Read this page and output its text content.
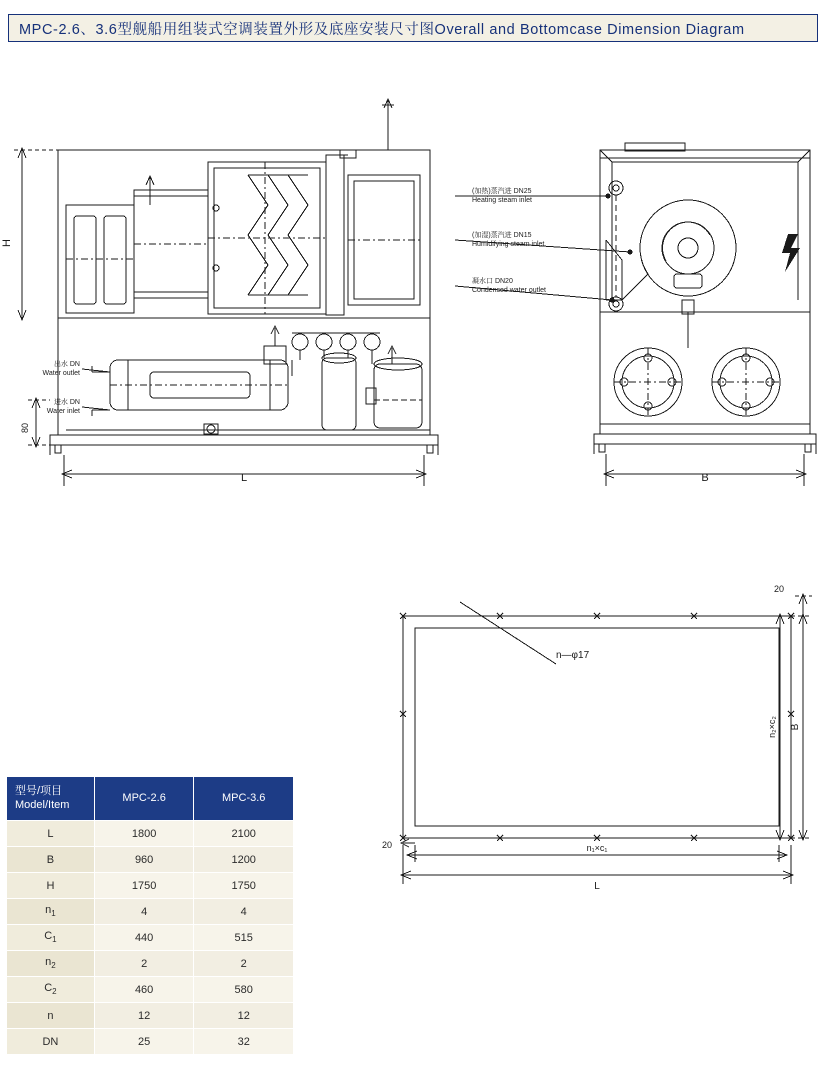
MPC-2.6、3.6型舰船用组装式空调装置外形及底座安装尺寸图Overall and Bottomcase Dimension Diagram
H
80
L
出水 DN
Water outlet
进水 DN
Water inlet
B
(加热)蒸汽进 DN25
Heating steam inlet
(加湿)蒸汽进 DN15
Humidifying steam inlet
凝水口 DN20
Condensed water outlet
n—φ17
20
20
n₂×c₂ B
n₁×c₁
L
型号/项目
Model/Item	MPC-2.6	MPC-3.6
L	1800	2100
B	960	1200
H	1750	1750
$n_1$	4	4
$C_1$	440	515
$n_2$	2	2
$C_2$	460	580
n	12	12
DN	25	32
